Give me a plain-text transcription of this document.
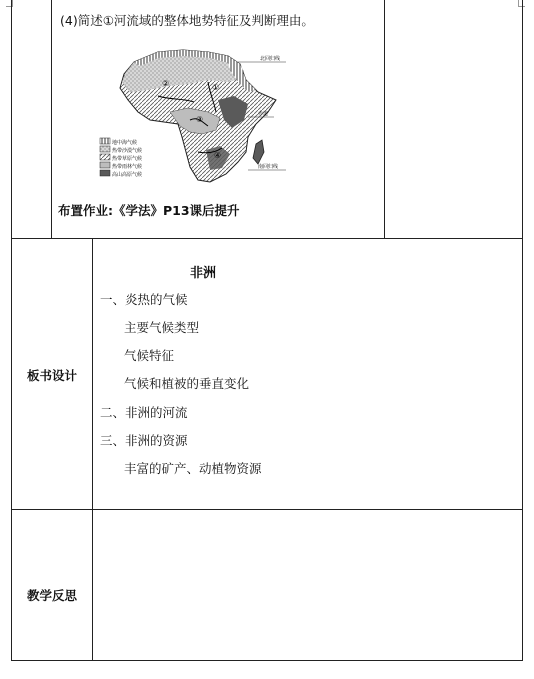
(4)简述①河流域的整体地势特征及判断理由。
地中海气候
热带沙漠气候
热带草原气候
热带雨林气候
高山高原气候
北回归线
赤道
南回归线
①
②
③
④
布置作业:《学法》P13课后提升
板书设计
非洲
一、炎热的气候
主要气候类型
气候特征
气候和植被的垂直变化
二、非洲的河流
三、非洲的资源
丰富的矿产、动植物资源
教学反思
